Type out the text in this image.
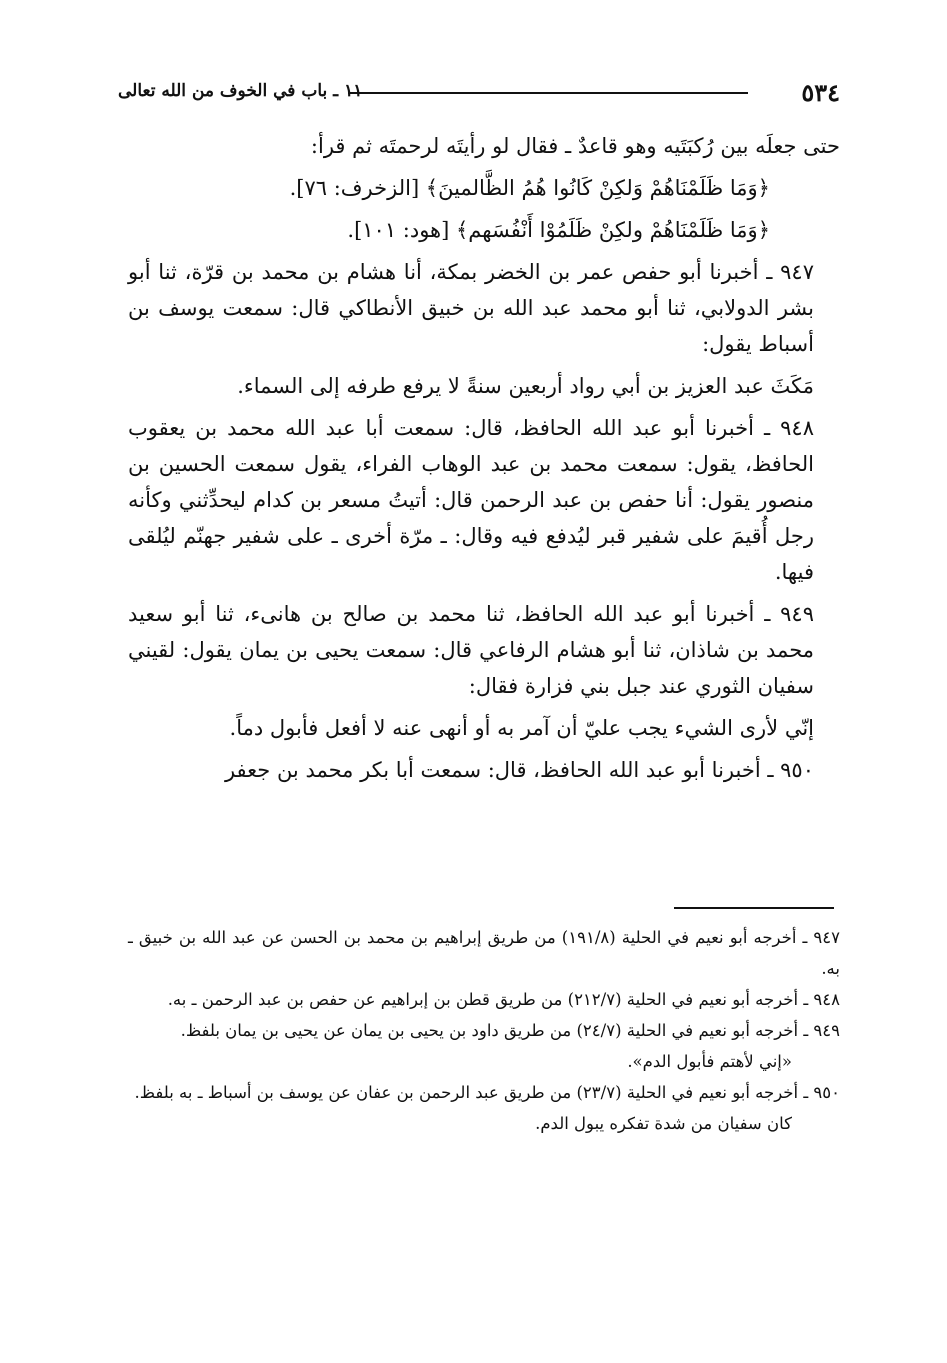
٥٣٤
١١ ـ باب في الخوف من الله تعالى

حتى جعلَه بين رُكبَتَيه وهو قاعدٌ ـ فقال لو رأيتَه لرحمتَه ثم قرأ:

﴿وَمَا ظَلَمْنَاهُمْ وَلكِنْ كَانُوا هُمُ الظَّالمينَ﴾ [الزخرف: ٧٦].

﴿وَمَا ظَلَمْنَاهُمْ ولكِنْ ظَلَمُوْا أَنْفُسَهم﴾ [هود: ١٠١].

٩٤٧ ـ أخبرنا أبو حفص عمر بن الخضر بمكة، أنا هشام بن محمد بن قرّة، ثنا أبو بشر الدولابي، ثنا أبو محمد عبد الله بن خبيق الأنطاكي قال: سمعت يوسف بن أسباط يقول:

مَكَثَ عبد العزيز بن أبي رواد أربعين سنةً لا يرفع طرفه إلى السماء.

٩٤٨ ـ أخبرنا أبو عبد الله الحافظ، قال: سمعت أبا عبد الله محمد بن يعقوب الحافظ، يقول: سمعت محمد بن عبد الوهاب الفراء، يقول سمعت الحسين بن منصور يقول: أنا حفص بن عبد الرحمن قال: أتيتُ مسعر بن كدام ليحدِّثني وكأنه رجل أُقيمَ على شفير قبر ليُدفع فيه وقال: ـ مرّة أخرى ـ على شفير جهنّم ليُلقى فيها.

٩٤٩ ـ أخبرنا أبو عبد الله الحافظ، ثنا محمد بن صالح بن هانىء، ثنا أبو سعيد محمد بن شاذان، ثنا أبو هشام الرفاعي قال: سمعت يحيى بن يمان يقول: لقيني سفيان الثوري عند جبل بني فزارة فقال:

إنّي لأرى الشيء يجب عليّ أن آمر به أو أنهى عنه لا أفعل فأبول دماً.

٩٥٠ ـ أخبرنا أبو عبد الله الحافظ، قال: سمعت أبا بكر محمد بن جعفر

٩٤٧ ـ أخرجه أبو نعيم في الحلية (١٩١/٨) من طريق إبراهيم بن محمد بن الحسن عن عبد الله بن خبيق ـ به.

٩٤٨ ـ أخرجه أبو نعيم في الحلية (٢١٢/٧) من طريق قطن بن إبراهيم عن حفص بن عبد الرحمن ـ به.

٩٤٩ ـ أخرجه أبو نعيم في الحلية (٢٤/٧) من طريق داود بن يحيى بن يمان عن يحيى بن يمان بلفظ.

«إني لأهتم فأبول الدم».

٩٥٠ ـ أخرجه أبو نعيم في الحلية (٢٣/٧) من طريق عبد الرحمن بن عفان عن يوسف بن أسباط ـ به بلفظ.

كان سفيان من شدة تفكره يبول الدم.
